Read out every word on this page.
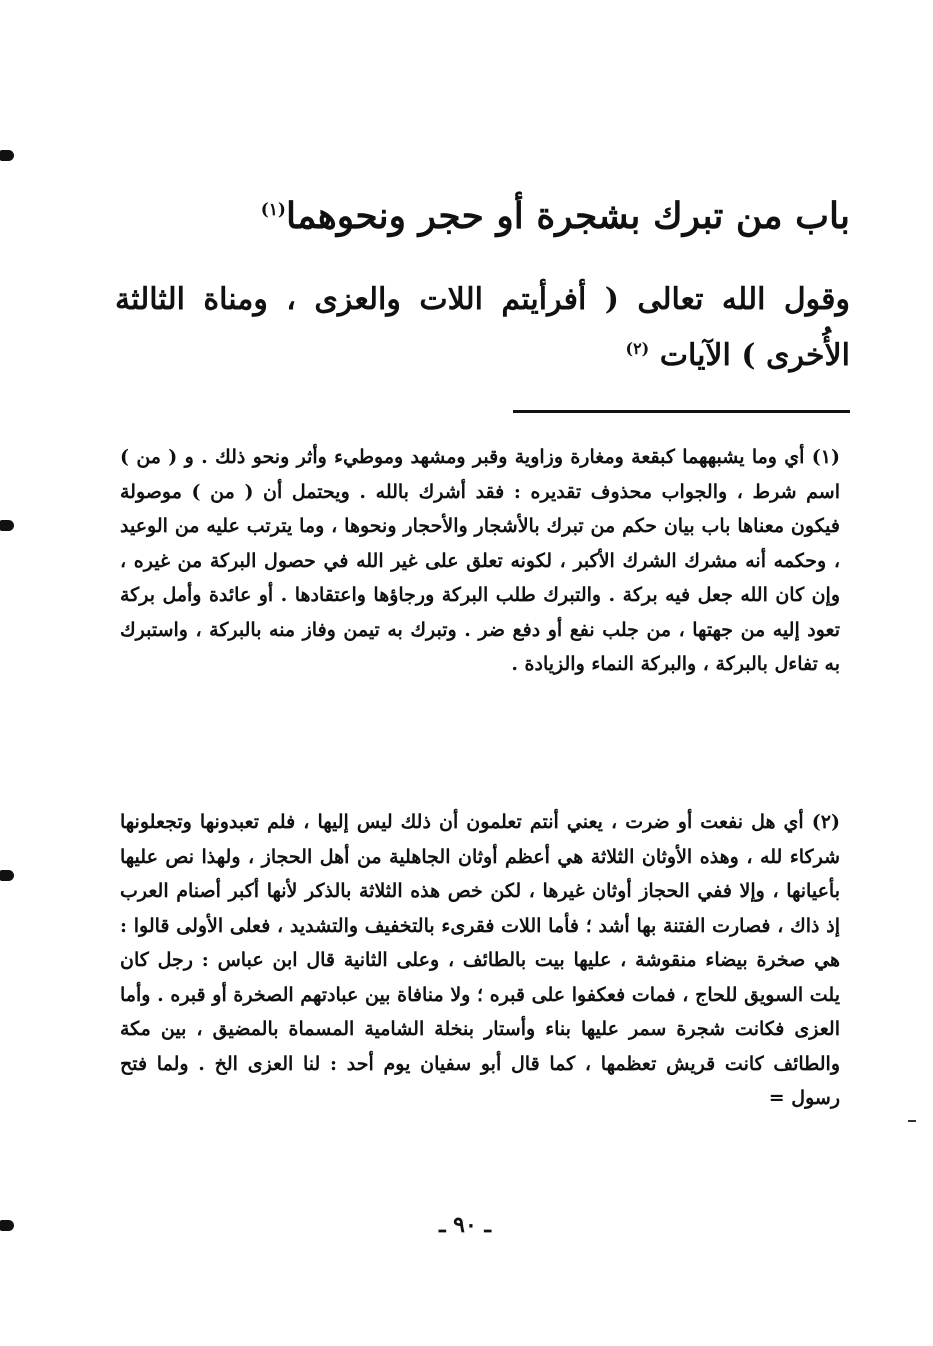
باب من تبرك بشجرة أو حجر ونحوهما$^{(١)}$
وقول الله تعالى ( أفرأيتم اللات والعزى ، ومناة الثالثة الأُخرى ) الآيات $^{(٢)}$
(١) أي وما يشبههما كبقعة ومغارة وزاوية وقبر ومشهد وموطيء وأثر ونحو ذلك . و ( من ) اسم شرط ، والجواب محذوف تقديره : فقد أشرك بالله . ويحتمل أن ( من ) موصولة فيكون معناها باب بيان حكم من تبرك بالأشجار والأحجار ونحوها ، وما يترتب عليه من الوعيد ، وحكمه أنه مشرك الشرك الأكبر ، لكونه تعلق على غير الله في حصول البركة من غيره ، وإن كان الله جعل فيه بركة . والتبرك طلب البركة ورجاؤها واعتقادها . أو عائدة وأمل بركة تعود إليه من جهتها ، من جلب نفع أو دفع ضر . وتبرك به تيمن وفاز منه بالبركة ، واستبرك به تفاءل بالبركة ، والبركة النماء والزيادة .
(٢) أي هل نفعت أو ضرت ، يعني أنتم تعلمون أن ذلك ليس إليها ، فلم تعبدونها وتجعلونها شركاء لله ، وهذه الأوثان الثلاثة هي أعظم أوثان الجاهلية من أهل الحجاز ، ولهذا نص عليها بأعيانها ، وإلا ففي الحجاز أوثان غيرها ، لكن خص هذه الثلاثة بالذكر لأنها أكبر أصنام العرب إذ ذاك ، فصارت الفتنة بها أشد ؛ فأما اللات فقرىء بالتخفيف والتشديد ، فعلى الأولى قالوا : هي صخرة بيضاء منقوشة ، عليها بيت بالطائف ، وعلى الثانية قال ابن عباس : رجل كان يلت السويق للحاج ، فمات فعكفوا على قبره ؛ ولا منافاة بين عبادتهم الصخرة أو قبره . وأما العزى فكانت شجرة سمر عليها بناء وأستار بنخلة الشامية المسماة بالمضيق ، بين مكة والطائف كانت قريش تعظمها ، كما قال أبو سفيان يوم أحد : لنا العزى الخ . ولما فتح رسول =
ـ ٩٠ ـ
